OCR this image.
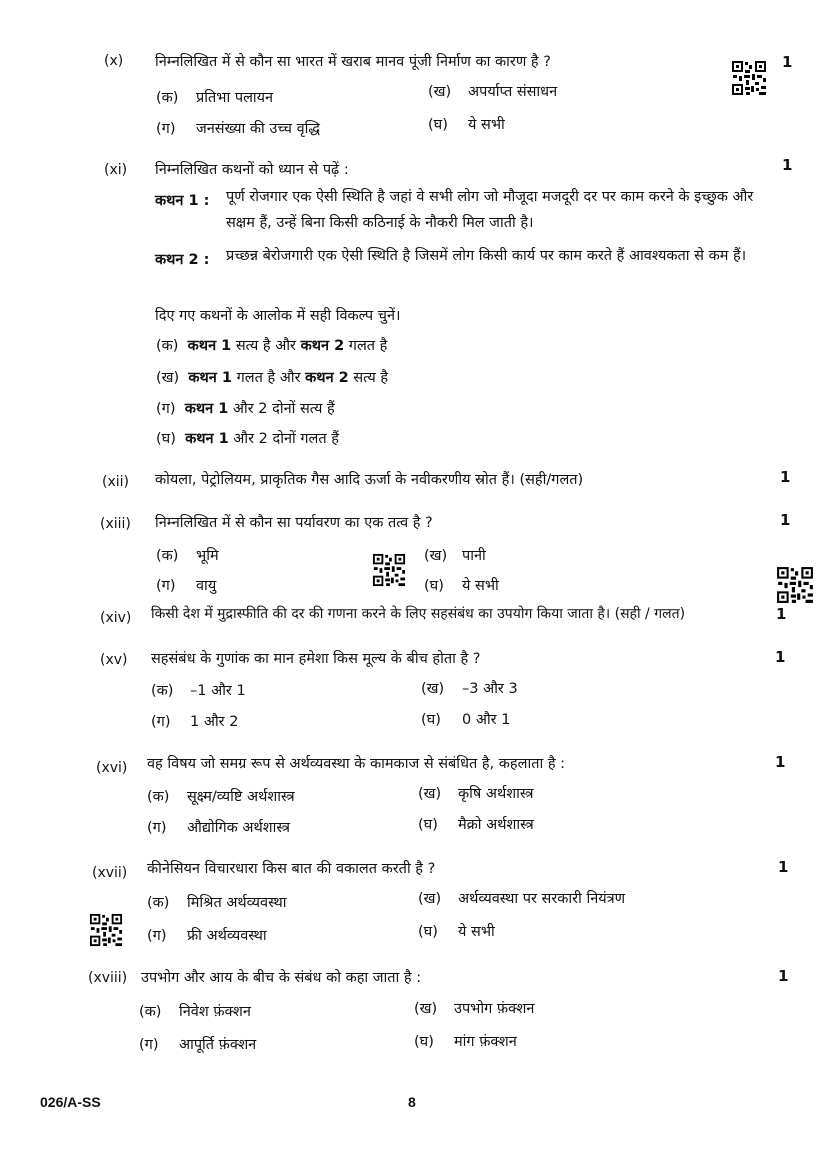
(x) निम्नलिखित में से कौन सा भारत में खराब मानव पूंजी निर्माण का कारण है ?	1
(क) प्रतिभा पलायन	(ख) अपर्याप्त संसाधन
(ग) जनसंख्या की उच्च वृद्धि	(घ) ये सभी
(xi) निम्नलिखित कथनों को ध्यान से पढ़ें :	1
कथन 1 : पूर्ण रोजगार एक ऐसी स्थिति है जहां वे सभी लोग जो मौजूदा मजदूरी दर पर काम करने के इच्छुक और सक्षम हैं, उन्हें बिना किसी कठिनाई के नौकरी मिल जाती है।
कथन 2 : प्रच्छन्न बेरोजगारी एक ऐसी स्थिति है जिसमें लोग किसी कार्य पर काम करते हैं आवश्यकता से कम हैं।
दिए गए कथनों के आलोक में सही विकल्प चुनें।
(क) कथन 1 सत्य है और कथन 2 गलत है
(ख) कथन 1 गलत है और कथन 2 सत्य है
(ग) कथन 1 और 2 दोनों सत्य हैं
(घ) कथन 1 और 2 दोनों गलत हैं
(xii) कोयला, पेट्रोलियम, प्राकृतिक गैस आदि ऊर्जा के नवीकरणीय स्रोत हैं। (सही/गलत)	1
(xiii) निम्नलिखित में से कौन सा पर्यावरण का एक तत्व है ?	1
(क) भूमि	(ख) पानी
(ग) वायु	(घ) ये सभी
(xiv) किसी देश में मुद्रास्फीति की दर की गणना करने के लिए सहसंबंध का उपयोग किया जाता है। (सही / गलत)	1
(xv) सहसंबंध के गुणांक का मान हमेशा किस मूल्य के बीच होता है ?	1
(क) –1 और 1	(ख) –3 और 3
(ग) 1 और 2	(घ) 0 और 1
(xvi) वह विषय जो समग्र रूप से अर्थव्यवस्था के कामकाज से संबंधित है, कहलाता है :	1
(क) सूक्ष्म/व्यष्टि अर्थशास्त्र	(ख) कृषि अर्थशास्त्र
(ग) औद्योगिक अर्थशास्त्र	(घ) मैक्रो अर्थशास्त्र
(xvii) कीनेसियन विचारधारा किस बात की वकालत करती है ?	1
(क) मिश्रित अर्थव्यवस्था	(ख) अर्थव्यवस्था पर सरकारी नियंत्रण
(ग) फ्री अर्थव्यवस्था	(घ) ये सभी
(xviii) उपभोग और आय के बीच के संबंध को कहा जाता है :	1
(क) निवेश फ़ंक्शन	(ख) उपभोग फ़ंक्शन
(ग) आपूर्ति फ़ंक्शन	(घ) मांग फ़ंक्शन
026/A-SS	8
